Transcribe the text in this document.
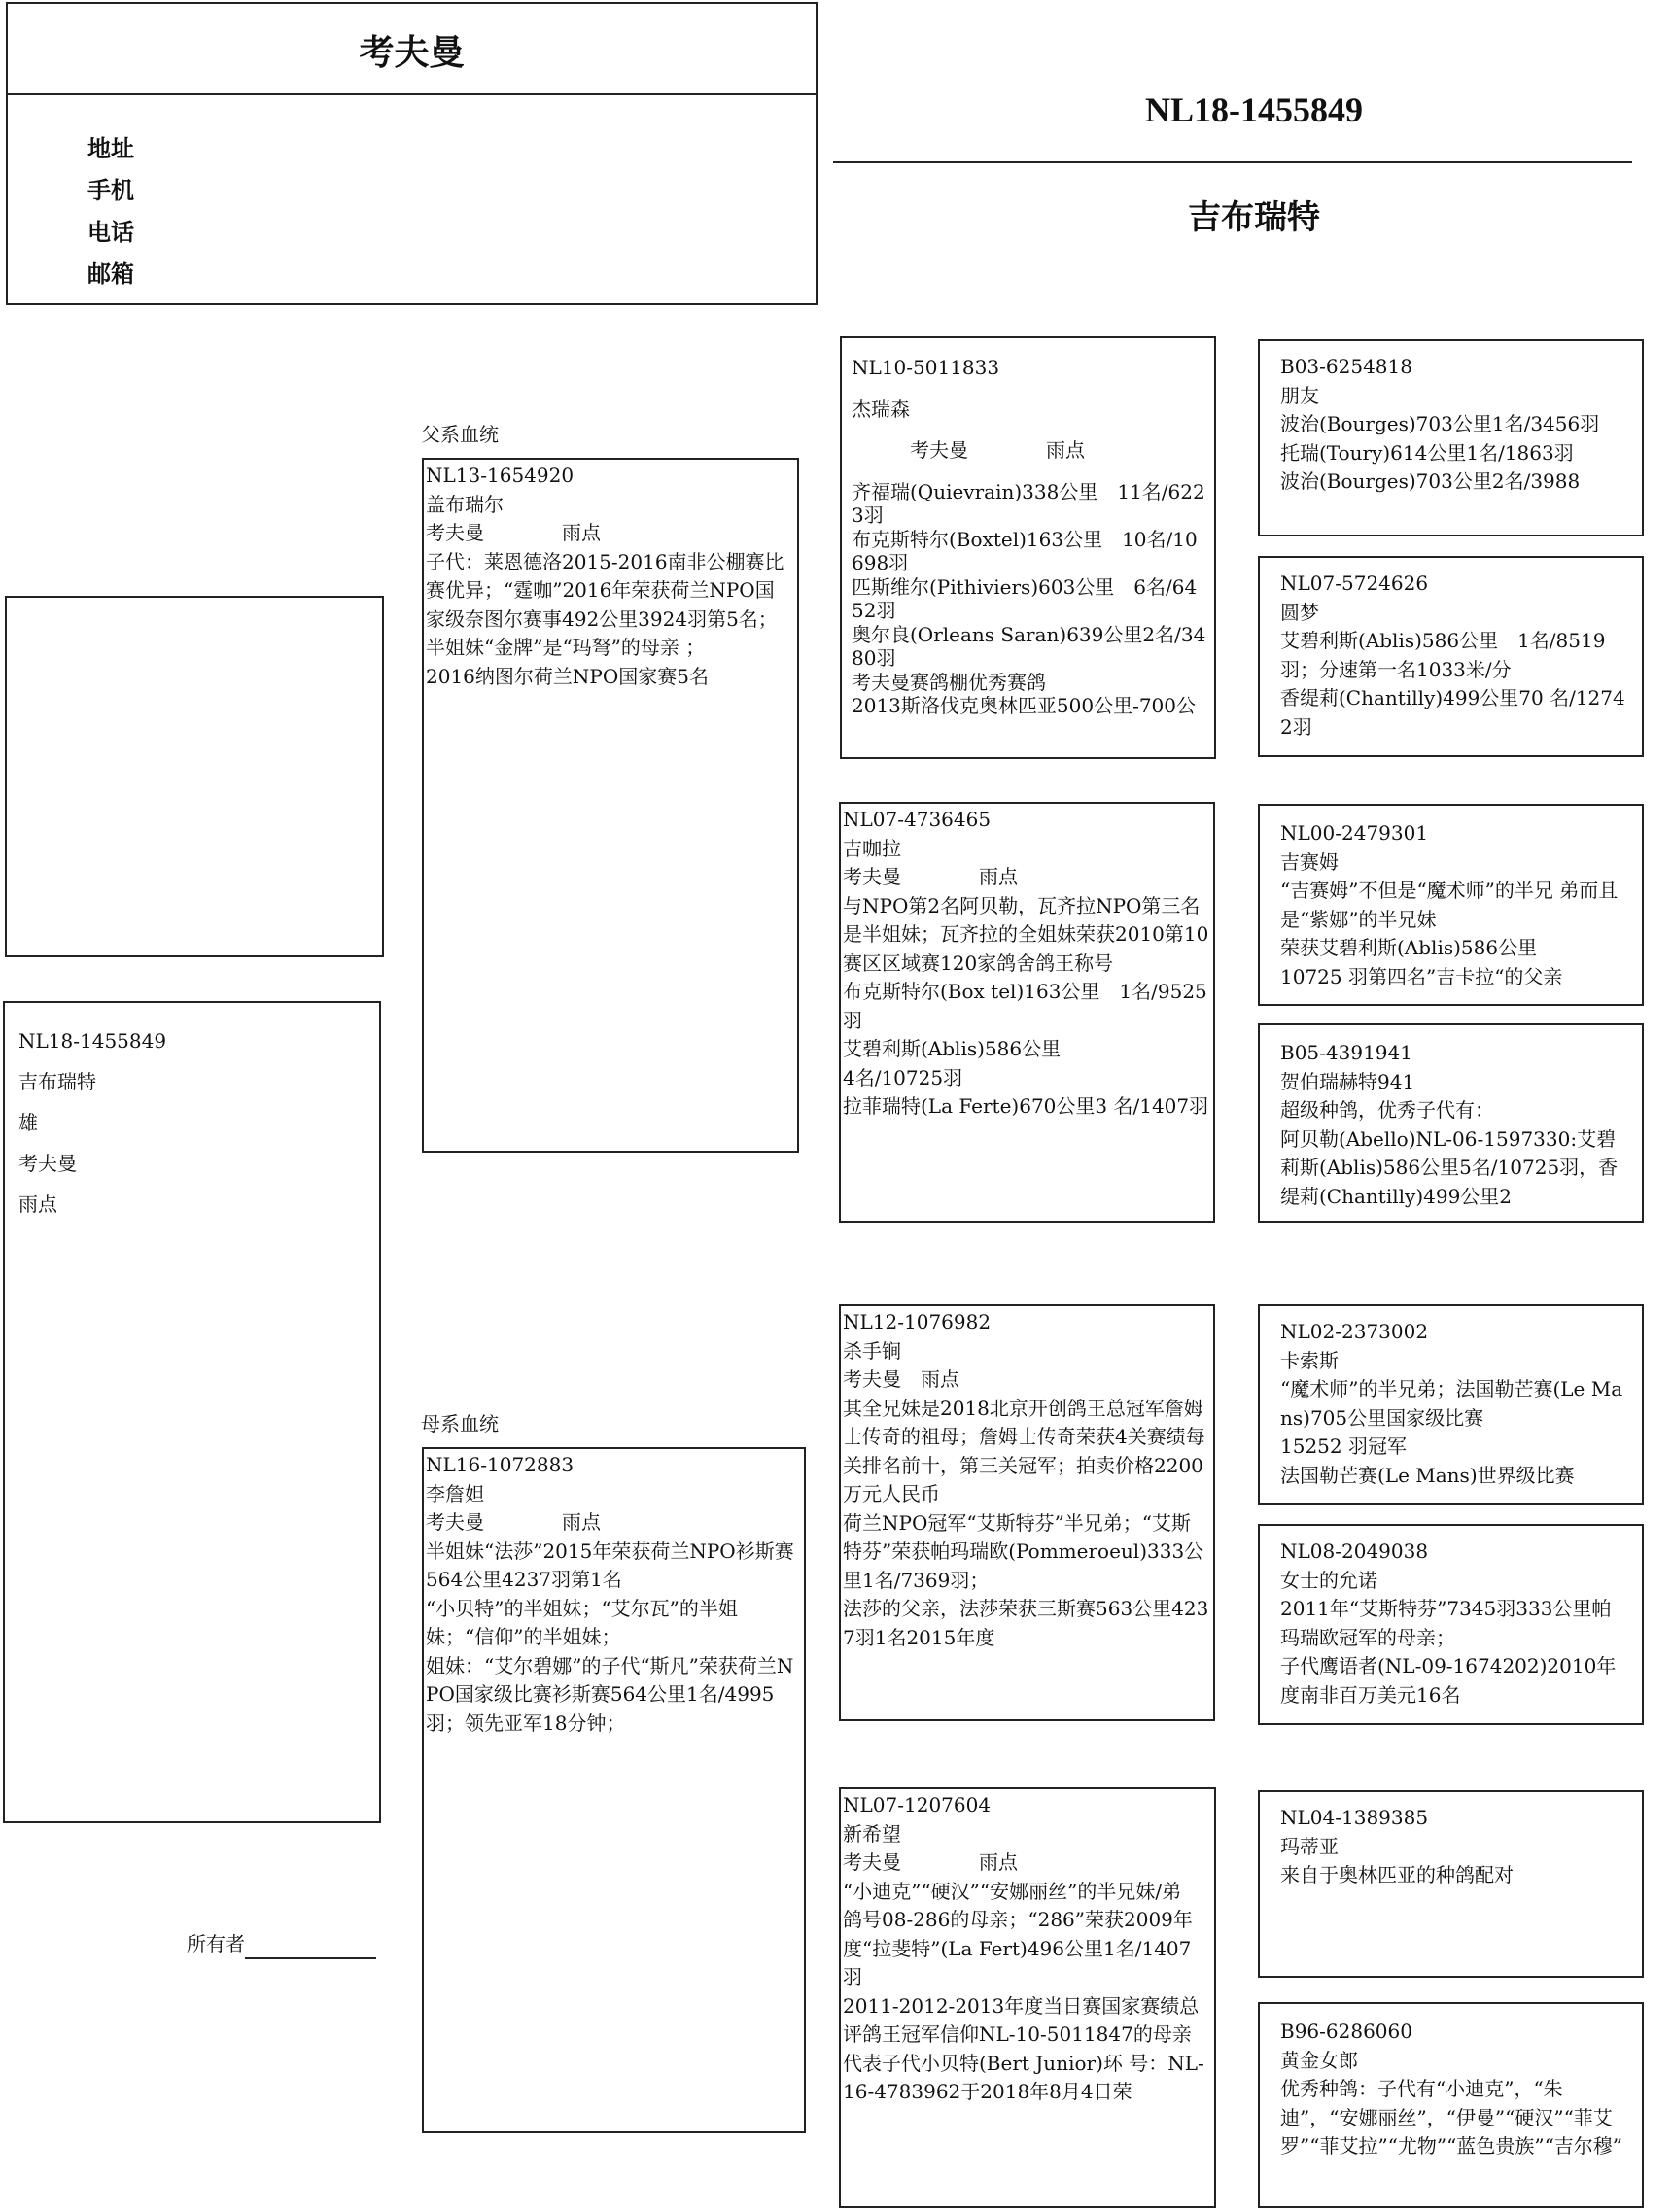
考夫曼
地址
手机
电话
邮箱
NL18-1455849
吉布瑞特
NL18-1455849
吉布瑞特
雄
考夫曼
雨点
所有者
父系血统
母系血统
NL13-1654920
盖布瑞尔
考夫曼	雨点
子代：莱恩德洛2015-2016南非公棚赛比赛优异；“霆咖”2016年荣获荷兰NPO国家级奈图尔赛事492公里3924羽第5名；半姐妹“金牌”是“玛弩”的母亲 ；
2016纳图尔荷兰NPO国家赛5名
NL16-1072883
李詹妲
考夫曼	雨点
半姐妹“法莎”2015年荣获荷兰NPO衫斯赛564公里4237羽第1名
“小贝特”的半姐妹；“艾尔瓦”的半姐妹；“信仰”的半姐妹；
姐妹：“艾尔碧娜”的子代“斯凡”荣获荷兰NPO国家级比赛衫斯赛564公里1名/4995羽；领先亚军18分钟；
NL10-5011833
杰瑞森
考夫曼	雨点
齐福瑞(Quievrain)338公里　11名/6223羽
布克斯特尔(Boxtel)163公里　10名/10698羽
匹斯维尔(Pithiviers)603公里　6名/6452羽
奥尔良(Orleans Saran)639公里2名/3480羽
考夫曼赛鸽棚优秀赛鸽
2013斯洛伐克奥林匹亚500公里-700公
NL07-4736465
吉咖拉
考夫曼	雨点
与NPO第2名阿贝勒，瓦齐拉NPO第三名是半姐妹；瓦齐拉的全姐妹荣获2010第10赛区区域赛120家鸽舍鸽王称号
布克斯特尔(Box tel)163公里　1名/9525羽
艾碧利斯(Ablis)586公里
4名/10725羽
拉菲瑞特(La Ferte)670公里3 名/1407羽
NL12-1076982
杀手锏
考夫曼 雨点
其全兄妹是2018北京开创鸽王总冠军詹姆士传奇的祖母；詹姆士传奇荣获4关赛绩每关排名前十，第三关冠军；拍卖价格2200万元人民币
荷兰NPO冠军“艾斯特芬”半兄弟；“艾斯特芬”荣获帕玛瑞欧(Pommeroeul)333公里1名/7369羽；
法莎的父亲，法莎荣获三斯赛563公里4237羽1名2015年度
NL07-1207604
新希望
考夫曼	雨点
“小迪克”“硬汉”“安娜丽丝”的半兄妹/弟
鸽号08-286的母亲；“286”荣获2009年度“拉斐特”(La Fert)496公里1名/1407羽
2011-2012-2013年度当日赛国家赛绩总评鸽王冠军信仰NL-10-5011847的母亲
代表子代小贝特(Bert Junior)环 号：NL-16-4783962于2018年8月4日荣
B03-6254818
朋友
波治(Bourges)703公里1名/3456羽
托瑞(Toury)614公里1名/1863羽
波治(Bourges)703公里2名/3988
NL07-5724626
圆梦
艾碧利斯(Ablis)586公里　1名/8519羽；分速第一名1033米/分
香缇莉(Chantilly)499公里70 名/12742羽
NL00-2479301
吉赛姆
“吉赛姆”不但是“魔术师”的半兄 弟而且是“紫娜”的半兄妹
荣获艾碧利斯(Ablis)586公里
10725 羽第四名”吉卡拉“的父亲
B05-4391941
贺伯瑞赫特941
超级种鸽，优秀子代有：
阿贝勒(Abello)NL-06-1597330:艾碧莉斯(Ablis)586公里5名/10725羽，香缇莉(Chantilly)499公里2
NL02-2373002
卡索斯
“魔术师”的半兄弟；法国勒芒赛(Le Mans)705公里国家级比赛
15252 羽冠军
法国勒芒赛(Le Mans)世界级比赛
NL08-2049038
女士的允诺
2011年“艾斯特芬”7345羽333公里帕 玛瑞欧冠军的母亲；
子代鹰语者(NL-09-1674202)2010年度南非百万美元16名
NL04-1389385
玛蒂亚
来自于奥林匹亚的种鸽配对
B96-6286060
黄金女郎
优秀种鸽：子代有“小迪克”，“朱迪”，“安娜丽丝”，“伊曼”“硬汉”“菲艾罗”“菲艾拉”“尤物”“蓝色贵族”“吉尔穆”
